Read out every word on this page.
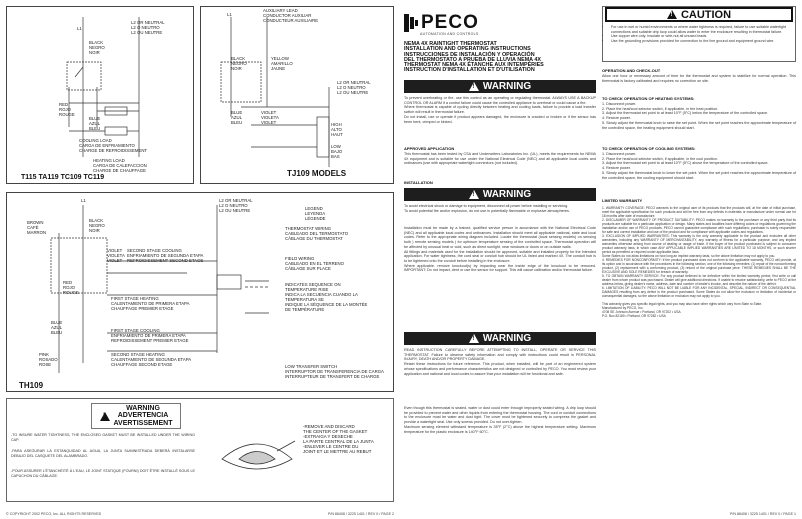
L1
L2 OR NEUTRAL
L2 O NEUTRO
L2 OU NEUTRE
BLACK
NEGRO
NOIR
RED
ROJO
ROUGE
BLUE
AZUL
BLEU
COOLING LOAD
CARGA DE ENFRIAMIENTO
CHARGE DE REFROIDISSEMENT
HEATING LOAD
CARGA DE CALEFACCION
CHARGE DE CHAUFFAGE
T115 TA119 TC109 TC119
L1
AUXILIARY LEAD
CONDUCTOR AUXILIAR
CONDUCTEUR AUXILIAIRE
BLACK
NEGRO
NOIR
YELLOW
AMARILLO
JAUNE
L2 OR NEUTRAL
L2 O NEUTRO
L2 OU NEUTRE
BLUE
AZUL
BLEU
VIOLET
VIOLETA
VIOLET	HIGH
ALTO
HAUT
LOW
BAJO
BAS
TJ109 MODELS
L1	L2 OR NEUTRAL
L2 O NEUTRO
L2 OU NEUTRE
BROWN
CAFÉ
MARRON
BLACK
NEGRO
NOIR
VIOLET
VIOLETA
VIOLET
SECOND STAGE COOLING
ENFRIAMIENTO DE SEGUNDA ETAPA
REFROIDISSEMENT SECOND ETAGE
RED
ROJO
ROUGE
FIRST STAGE HEATING
CALENTAMIENTO DE PRIMERA ETAPA
CHAUFFAGE PREMIER ETAGE
BLUE
AZUL
BLEU	FIRST STAGE COOLING
ENFRIAMIENTO DE PRIMERA ETAPA
REFROIDISSEMENT PREMIER ETAGE
PINK
ROSADO
ROSE
SECOND STAGE HEATING
CALENTAMIENTO DE SEGUNDA ETAPA
CHAUFFAGE SECOND ETAGE
LEGEND
LEYENDA
LÉGENDE
THERMOSTAT WIRING
CABLEADO DEL TERMOSTATO
CÂBLAGE DU THERMOSTAT
FIELD WIRING
CABLEADO EN EL TERRENO
CÂBLAGE SUR PLACE
INDICATES SEQUENCE ON
TEMPERATURE RISE
INDICA LA SECUENCIA CUANDO LA
TEMPERATURA SE
INDIQUE LA SÉQUENCE DE LA MONTÉE
DE TEMPÉRATURE
LOW TRANSFER SWITCH
INTERRUPTOR DE TRANSFERENCIA DE CARGA
INTERRUPTEUR DE TRANSFERT DE CHARGE
TH109
!
WARNING
ADVERTENCIA
AVERTISSEMENT
-TO INSURE WATER TIGHTNESS, THE ENCLOSED GASKET MUST BE INSTALLED UNDER THE WIRING CAP.
-PARA ASEGURAR LA ESTANQUIDAD AL AGUA, LA JUNTA SUMINISTRADA DEBERÁ INSTALARSE DEBAJO DEL CASQUETE DEL ALAMBRADO.
-POUR ASSURER L'ÉTANCHÉITÉ À L'EAU, LE JOINT STATIQUE (FOURNI) DOIT ÊTRE INSTALLÉ SOUS LE CAPUCHON DU CÂBLAGE.
-REMOVE AND DISCARD
THE CENTER OF THE GASKET
-EXTRAIGA Y DESECHE
LA PARTE CENTRAL DE LA JUNTA
-ENLEVER LE CENTRE DU
JOINT ET LE METTRE AU REBUT
© COPYRIGHT 2002 PECO, Inc. ALL RIGHTS RESERVED	P/N 88408 / 3225 1401 / REV 0 / PAGE 2
PECO
AUTOMATION AND CONTROLS
NEMA 4X RAINTIGHT THERMOSTAT
INSTALLATION AND OPERATING INSTRUCTIONS
INSTRUCCIONES DE INSTALACIÓN Y OPERACIÓN
DEL THERMOSTATO A PRUEBA DE LLUVIA NEMA 4X
THERMOSTAT NEMA 4X ÉTANCHE AUX INTEMPÉRIES
INSTRUCTION D'INSTALLATION ET D'UTILISATION
!
WARNING
To prevent overheating or fire, use this control as an operating or regulating thermostat. ALWAYS USE A BACKUP CONTROL OR ALARM if a control failure could cause the controlled appliance to overheat or could cause a fire.
Where thermostat is capable of cycling directly between heating and cooling loads, failure to provide a load transfer switch will result in thermostat failure.
Do not install, use or operate if product appears damaged, the enclosure is cracked or broken or if the sensor has been bent, crimped or kinked.
APPROVED APPLICATION
This thermostat has been tested by CSA and Underwriters Laboratories Inc. (UL), meets the requirements for NEMA 4X equipment and is suitable for use under the National Electrical Code (NEC) and all applicable local codes and ordinances (use with appropriate watertight connectors (not included).
INSTALLATION
!
WARNING
To avoid electrical shock or damage to equipment, disconnect all power before installing or servicing.
To avoid potential fire and/or explosion, do not use in potentially flammable or explosive atmospheres.
Installation must be made by a trained, qualified service person in accordance with the National Electrical Code (NEC) and all applicable local codes and ordinances. Installation should meet all applicable national, state and local codes. Refer to the appropriate wiring diagram included. Locate the thermostat (local sensing models) on sensing bulb ) remote sensing models ) for optimum temperature sensing of the controlled space. Thermostat operation will be affected by unusual heat or cold, such as direct sunlight, near windows or doors or on outside walls.
All fittings and materials used for the installation should be approved, suitable and installed properly for the intended application. For water tightness, the cord seal or conduit hub should be UL listed and marked 4X. The conduit hub is to be tightened onto the conduit before installing in the enclosure.
Where applicable, remove knockout(s) by impacting near the inside edge of the knockout to be removed. IMPORTANT: Do not impact, dent or use the sensor for support. This will cause calibration and/or thermostat failure.
!
WARNING
READ INSTRUCTION CAREFULLY BEFORE ATTEMPTING TO INSTALL, OPERATE OR SERVICE THIS THERMOSTAT. Failure to observe safety information and comply with instructions could result in PERSONAL INJURY, DEATH AND/OR PROPERTY DAMAGE.
Retain these instructions for future reference. This product, when installed, will be part of an engineered system whose specifications and performance characteristics are not designed or controlled by PECO. You must review your application and national and local codes to assure that your installation will be functional and safe.
Even though this thermostat is sealed, water or dust could enter through improperly sealed wiring. A drip loop should be provided to prevent water and other liquids from entering the thermostat housing. The cord or conduit connections to the enclosure must be water and dust tight. The cover must be tightened securely to compress the gasket and provide a watertight seal. Use only screws provided. Do not over-tighten.
Maximum sensing element withstand temperature is 35°F (2°C) above the highest temperature setting. Maximum temperature for the plastic enclosure is 140°F 60°C.
!
CAUTION
• For use in wet or humid environments or where water tightness is required, failure to use suitable watertight connections and suitable drip loop could allow water to enter the enclosure resulting in thermostat failure.
• Use copper wire only. Insulate or wire-nut all unused leads.
• Use the grounding provisions provided for connection to the line ground and equipment ground wire.
OPERATION AND CHECK-OUT
Allow one hour or necessary amount of time for the thermostat and system to stabilize for normal operation. This thermostat is factory calibrated and requires no correction on site.
TO CHECK OPERATION OF HEATING SYSTEMS:
1. Disconnect power.
2. Place the heat/cool selector switch, if applicable, in the heat position.
3. Adjust the thermostat set point to at least 10°F (5°C) below the temperature of the controlled space.
4. Restore power.
5. Slowly adjust the thermostat knob to raise the set point. When the set point reaches the approximate temperature of the controlled space, the heating equipment should start.
TO CHECK OPERATION OF COOLING SYSTEMS:
1. Disconnect power.
2. Place the heat/cool selector switch, if applicable, in the cool position.
3. Adjust the thermostat set point to at least 10°F (5°C) above the temperature of the controlled space.
4. Restore power.
5. Slowly adjust the thermostat knob to lower the set point. When the set point reaches the approximate temperature of the controlled space, the cooling equipment should start.
LIMITED WARRANTY
1. WARRANTY COVERAGE: PECO warrants to the original user of its products that the products will, at the date of initial purchase, meet the applicable specification for such products and will be free from any defects in materials or manufacture under normal use for 18 months after date of manufacture.
2. DISCLAIMER OF WARRANTY OF PRODUCT SUITABILITY: PECO makes no warranty to the purchaser or any third party that its products are suitable for a particular application or design. Many states and localities have differing codes or regulations governing the installation and/or use of PECO products. PECO cannot guarantee compliance with such regulations; purchaser is solely responsible for safe and correct installation and use of the product and for compliance with applicable codes and regulations.
3. EXCLUSION OF IMPLIED WARRANTIES: This warranty is the only warranty applicable to the product and excludes all other warranties, including any WARRANTY OF MERCHANTABILITY, any warranty of fitness for a particular purpose, and any implied warranties otherwise arising from course of dealing or usage of trade. If the buyer of the product purchased is subject to consumer product warranty laws, in which case ANY APPLICABLE IMPLIED WARRANTIES ARE LIMITED TO 18 MONTHS, or such shorter period as permitted or required under applicable laws.
Some States do not allow limitations on how long an implied warranty lasts, so the above limitation may not apply to you.
4. REMEDIES FOR NONCONFORMITY: If the product purchased does not conform to the applicable warranty, PECO will provide, at its option and in accordance with the procedures in the following section, one of the following remedies: (1) repair of the nonconforming product, (2) replacement with a conforming product, (3) refund of the original purchase price. THESE REMEDIES SHALL BE THE EXCLUSIVE AND SOLE REMEDIES for breach of warranty.
5. TO OBTAIN WARRANTY SERVICE: For any product believed to be defective within the limited warranty period, first write or call dealer from whom product was purchased. Dealer will give additional directions. If unable to resolve satisfactorily, write to PECO at the address below, giving dealer's name, address, date and number of dealer's invoice, and describe the nature of the defect.
6. LIMITATION OF LIABILITY: PECO WILL NOT BE LIABLE FOR ANY INCIDENTAL, SPECIAL, INDIRECT OR CONSEQUENTIAL DAMAGES resulting from any defect in the product purchased. Some States do not allow the exclusion or limitation of incidental or consequential damages, so the above limitation or exclusion may not apply to you.

This warranty gives you specific legal rights, and you may also have other rights which vary from State to State.
Manufactured by PECO, Inc.
4708 SE Johnson Avenue • Portland, OR 97202 • USA
P.O. Box 82189 • Portland, OR 97282 • USA
P/N 88408 / 3225 1401 / REV 0 / PAGE 1
